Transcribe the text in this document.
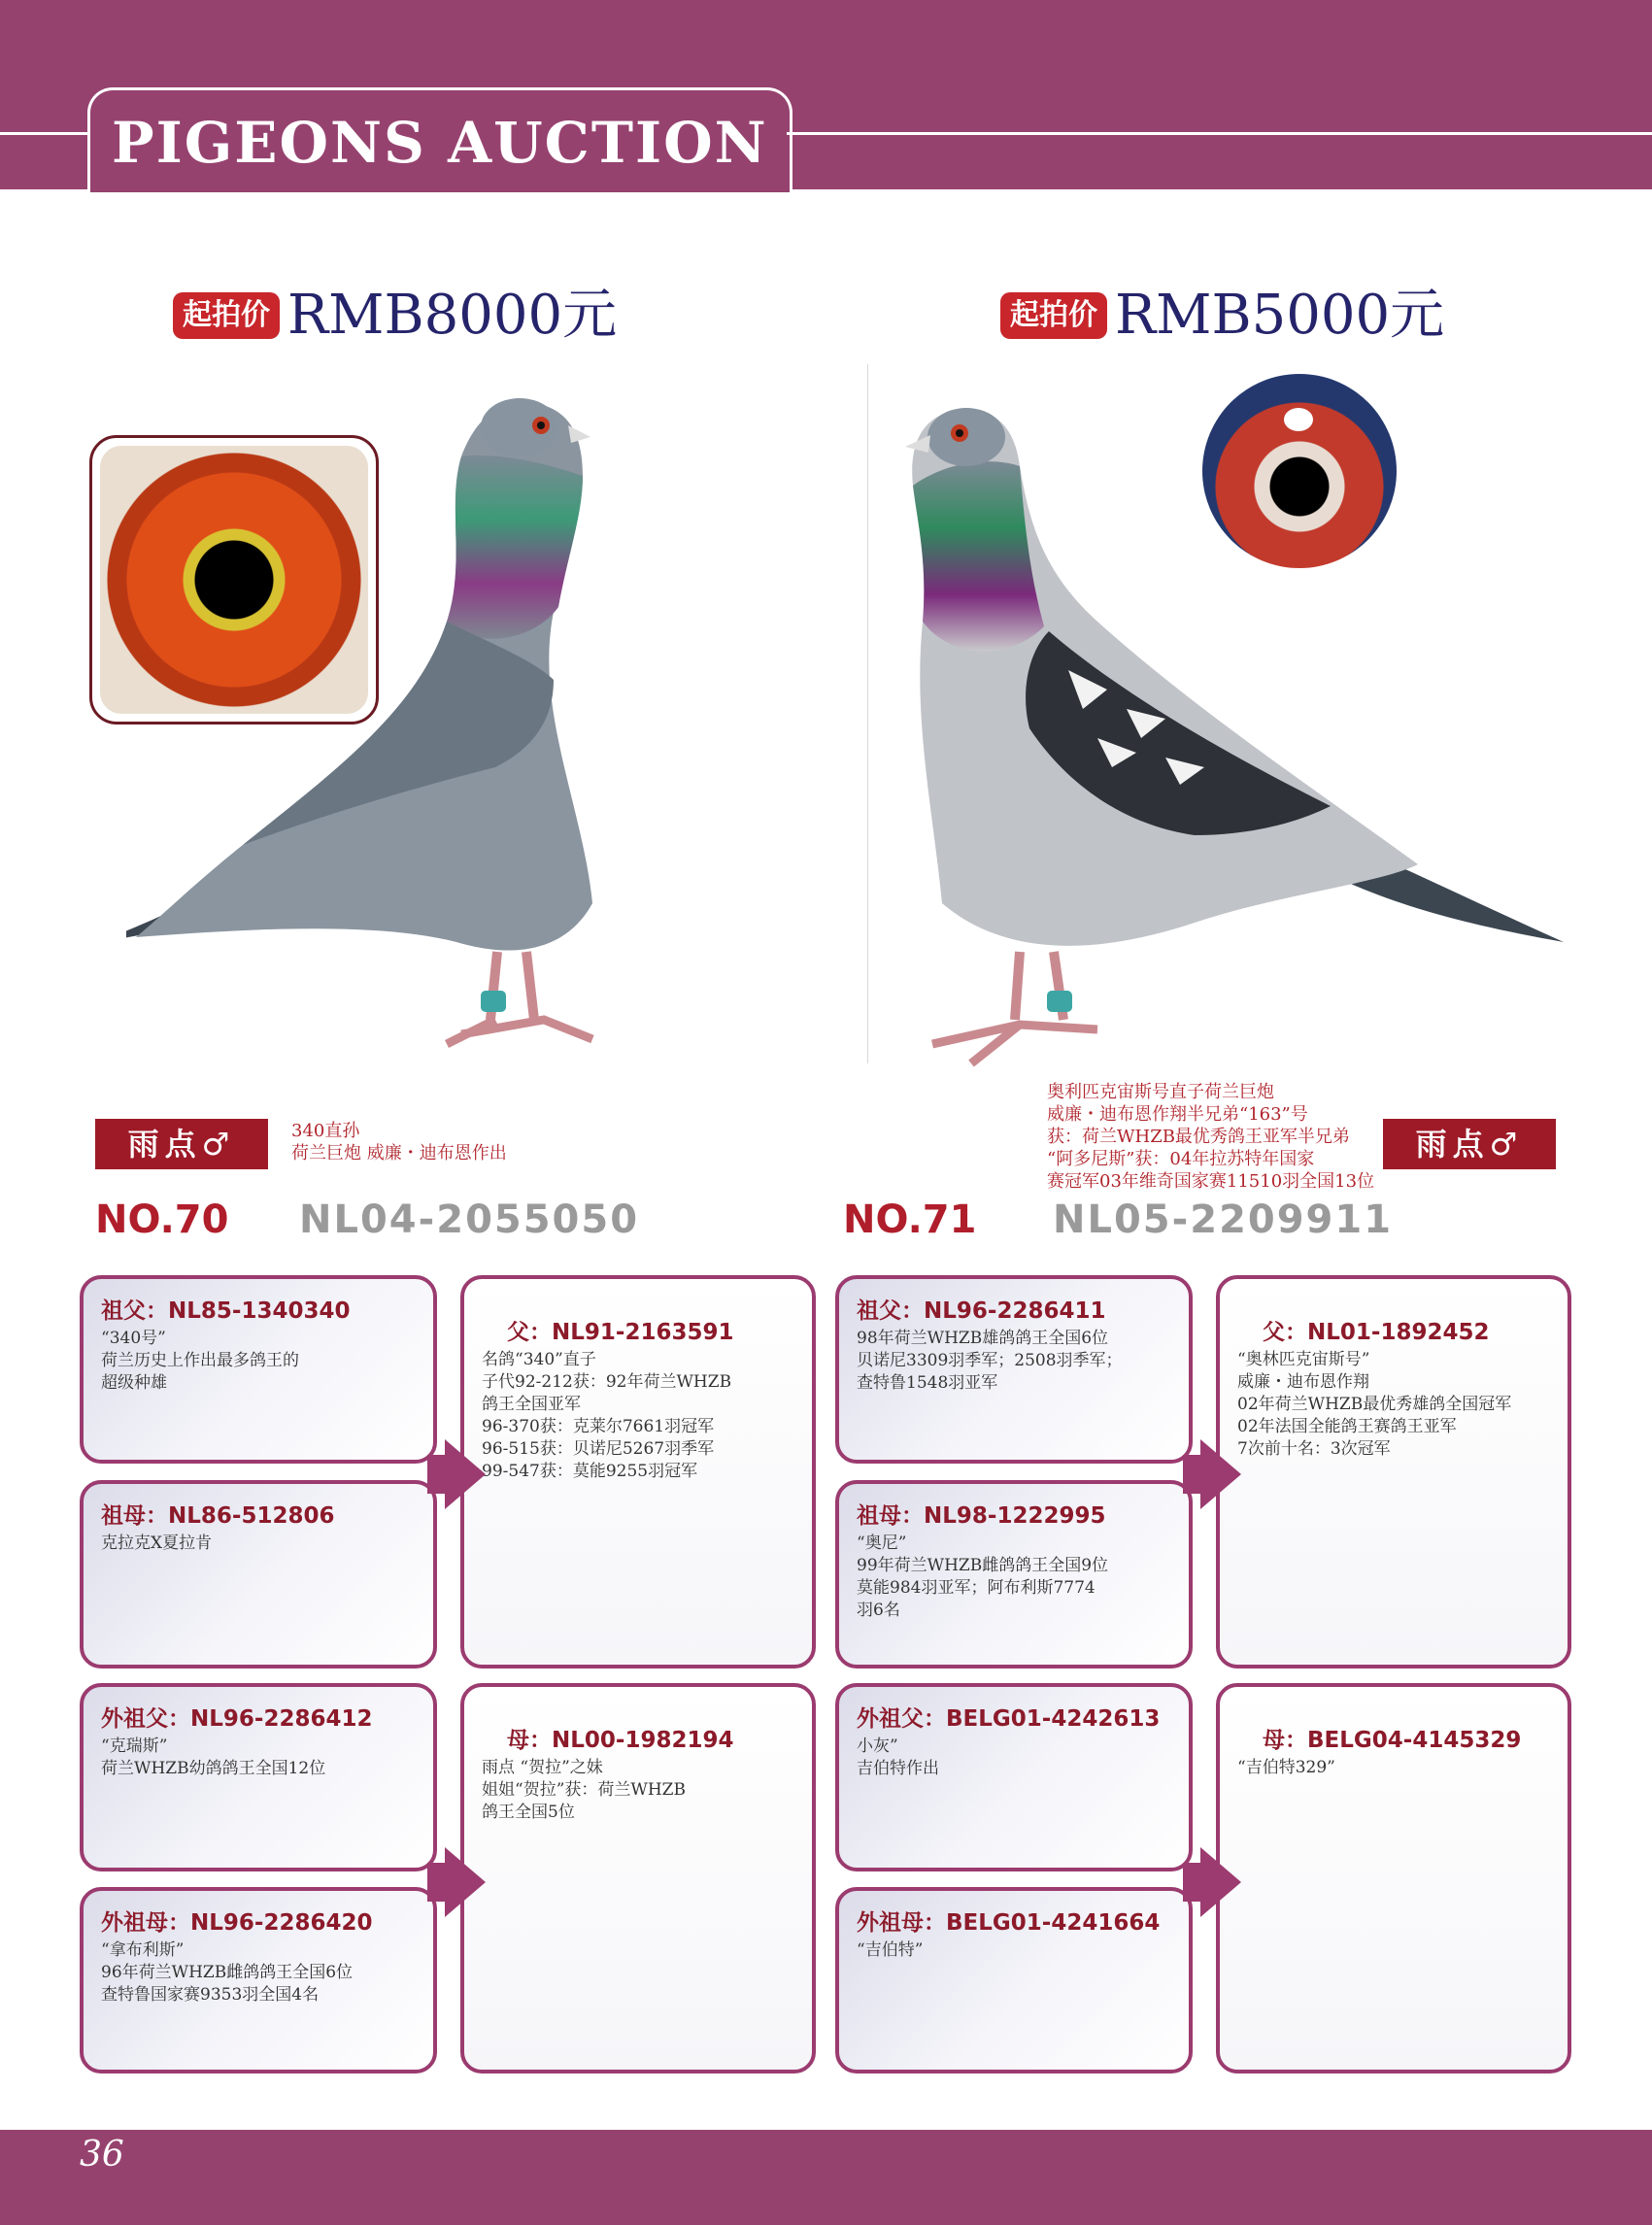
PIGEONS AUCTION
起拍价 RMB8000元	起拍价 RMB5000元
雨点♂	340直孙
荷兰巨炮 威廉・迪布恩作出
奥利匹克宙斯号直子荷兰巨炮
威廉・迪布恩作翔半兄弟“163”号
获：荷兰WHZB最优秀鸽王亚军半兄弟
“阿多尼斯”获：04年拉苏特年国家
赛冠军03年维奇国家赛11510羽全国13位
雨点♂
NO.70 NL04-2055050	NO.71 NL05-2209911
祖父：NL85-1340340
“340号”
荷兰历史上作出最多鸽王的
超级种雄
祖母：NL86-512806
克拉克X夏拉肯
父：NL91-2163591
名鸽“340”直子
子代92-212获：92年荷兰WHZB
鸽王全国亚军
96-370获：克莱尔7661羽冠军
96-515获：贝诺尼5267羽季军
99-547获：莫能9255羽冠军
外祖父：NL96-2286412
“克瑞斯”
荷兰WHZB幼鸽鸽王全国12位
外祖母：NL96-2286420
“拿布利斯”
96年荷兰WHZB雌鸽鸽王全国6位
查特鲁国家赛9353羽全国4名
母：NL00-1982194
雨点 “贺拉”之妹
姐姐“贺拉”获：荷兰WHZB
鸽王全国5位
祖父：NL96-2286411
98年荷兰WHZB雄鸽鸽王全国6位
贝诺尼3309羽季军；2508羽季军；
查特鲁1548羽亚军
祖母：NL98-1222995
“奥尼”
99年荷兰WHZB雌鸽鸽王全国9位
莫能984羽亚军；阿布利斯7774
羽6名
父：NL01-1892452
“奥林匹克宙斯号”
威廉・迪布恩作翔
02年荷兰WHZB最优秀雄鸽全国冠军
02年法国全能鸽王赛鸽王亚军
7次前十名：3次冠军
外祖父：BELG01-4242613
小灰”
吉伯特作出
外祖母：BELG01-4241664
“吉伯特”
母：BELG04-4145329
“吉伯特329”
36
